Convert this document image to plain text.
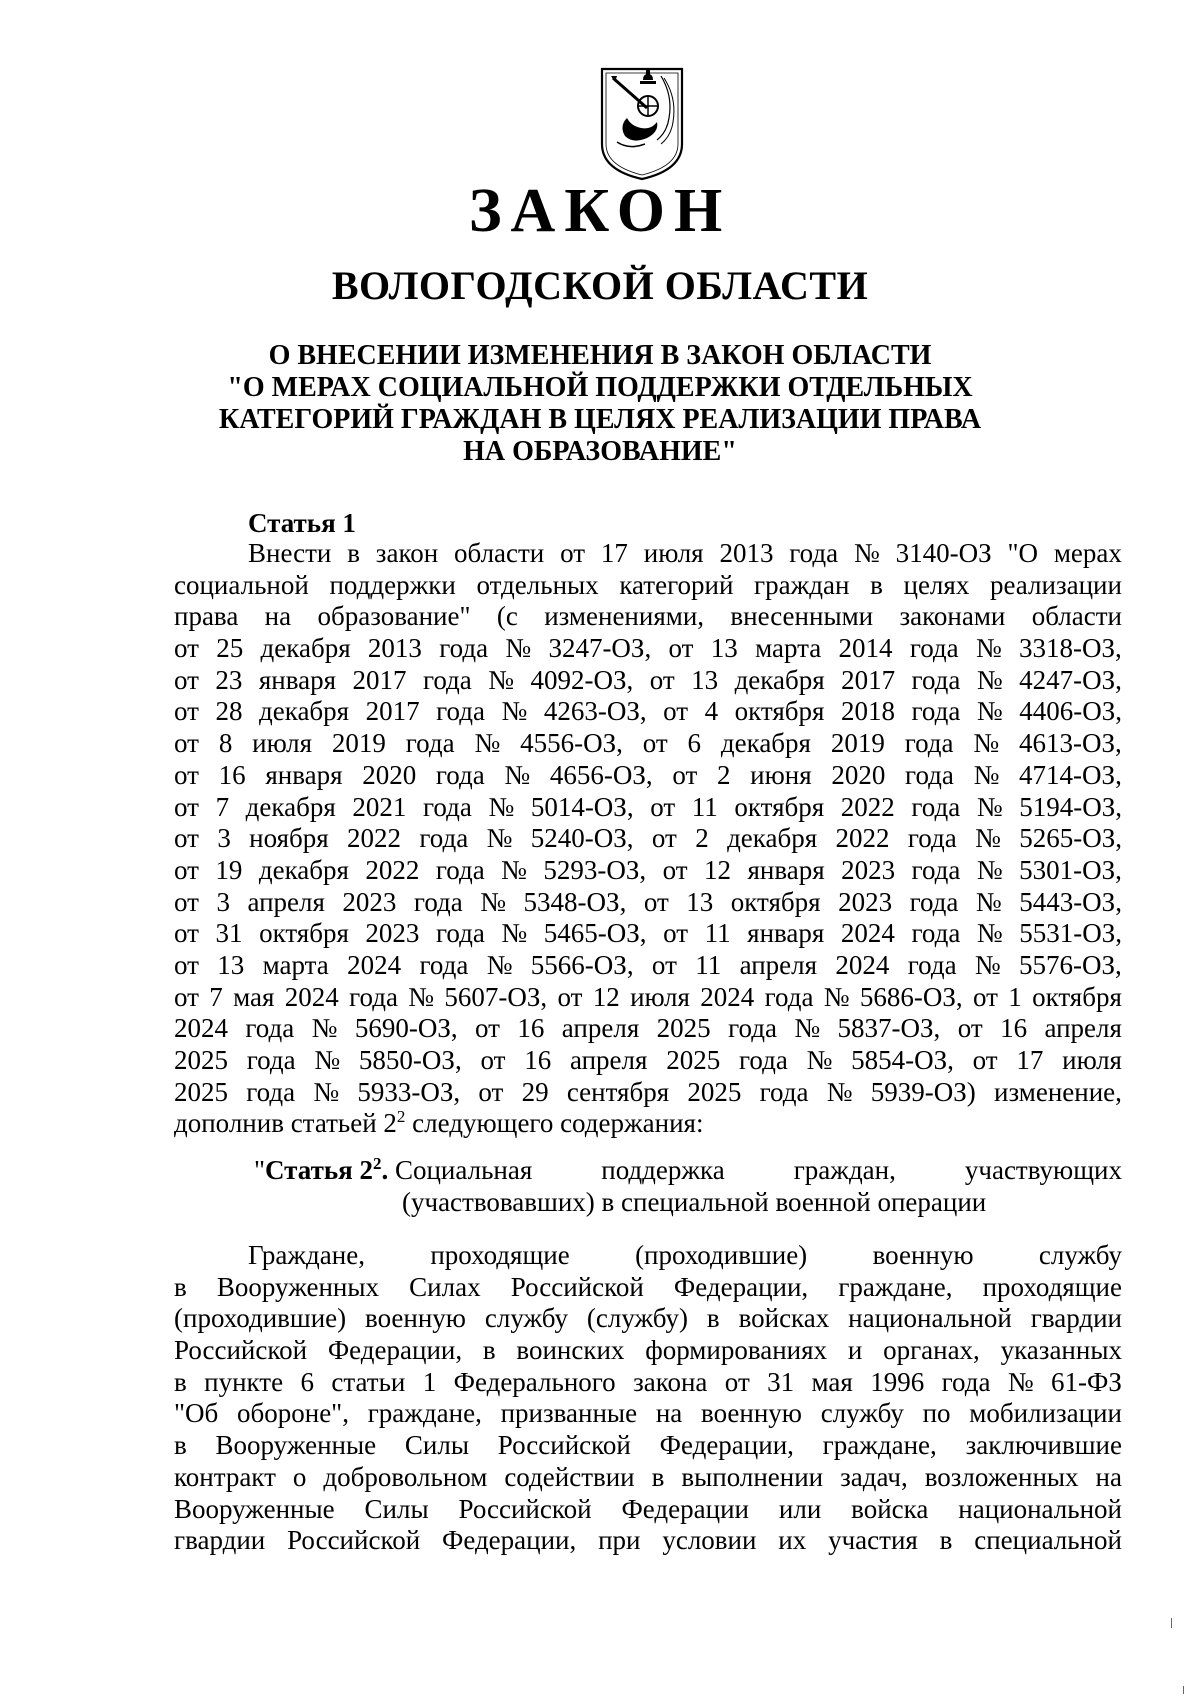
ЗАКОН
ВОЛОГОДСКОЙ ОБЛАСТИ
О ВНЕСЕНИИ ИЗМЕНЕНИЯ В ЗАКОН ОБЛАСТИ
"О МЕРАХ СОЦИАЛЬНОЙ ПОДДЕРЖКИ ОТДЕЛЬНЫХ
КАТЕГОРИЙ ГРАЖДАН В ЦЕЛЯХ РЕАЛИЗАЦИИ ПРАВА
НА ОБРАЗОВАНИЕ"
Статья 1
Внести в закон области от 17 июля 2013 года № 3140-ОЗ "О мерах
социальной поддержки отдельных категорий граждан в целях реализации
права на образование" (с изменениями, внесенными законами области
от 25 декабря 2013 года № 3247-ОЗ, от 13 марта 2014 года № 3318-ОЗ,
от 23 января 2017 года № 4092-ОЗ, от 13 декабря 2017 года № 4247-ОЗ,
от 28 декабря 2017 года № 4263-ОЗ, от 4 октября 2018 года № 4406-ОЗ,
от 8 июля 2019 года № 4556-ОЗ, от 6 декабря 2019 года № 4613-ОЗ,
от 16 января 2020 года № 4656-ОЗ, от 2 июня 2020 года № 4714-ОЗ,
от 7 декабря 2021 года № 5014-ОЗ, от 11 октября 2022 года № 5194-ОЗ,
от 3 ноября 2022 года № 5240-ОЗ, от 2 декабря 2022 года № 5265-ОЗ,
от 19 декабря 2022 года № 5293-ОЗ, от 12 января 2023 года № 5301-ОЗ,
от 3 апреля 2023 года № 5348-ОЗ, от 13 октября 2023 года № 5443-ОЗ,
от 31 октября 2023 года № 5465-ОЗ, от 11 января 2024 года № 5531-ОЗ,
от 13 марта 2024 года № 5566-ОЗ, от 11 апреля 2024 года № 5576-ОЗ,
от 7 мая 2024 года № 5607-ОЗ, от 12 июля 2024 года № 5686-ОЗ, от 1 октября
2024 года № 5690-ОЗ, от 16 апреля 2025 года № 5837-ОЗ, от 16 апреля
2025 года № 5850-ОЗ, от 16 апреля 2025 года № 5854-ОЗ, от 17 июля
2025 года № 5933-ОЗ, от 29 сентября 2025 года № 5939-ОЗ) изменение,
дополнив статьей $2^2$ следующего содержания:
"Статья $2^2$. Социальная	поддержка	граждан,	участвующих
(участвовавших) в специальной военной операции
Граждане, проходящие (проходившие) военную службу
в Вооруженных Силах Российской Федерации, граждане, проходящие
(проходившие) военную службу (службу) в войсках национальной гвардии
Российской Федерации, в воинских формированиях и органах, указанных
в пункте 6 статьи 1 Федерального закона от 31 мая 1996 года № 61-ФЗ
"Об обороне", граждане, призванные на военную службу по мобилизации
в Вооруженные Силы Российской Федерации, граждане, заключившие
контракт о добровольном содействии в выполнении задач, возложенных на
Вооруженные Силы Российской Федерации или войска национальной
гвардии Российской Федерации, при условии их участия в специальной
